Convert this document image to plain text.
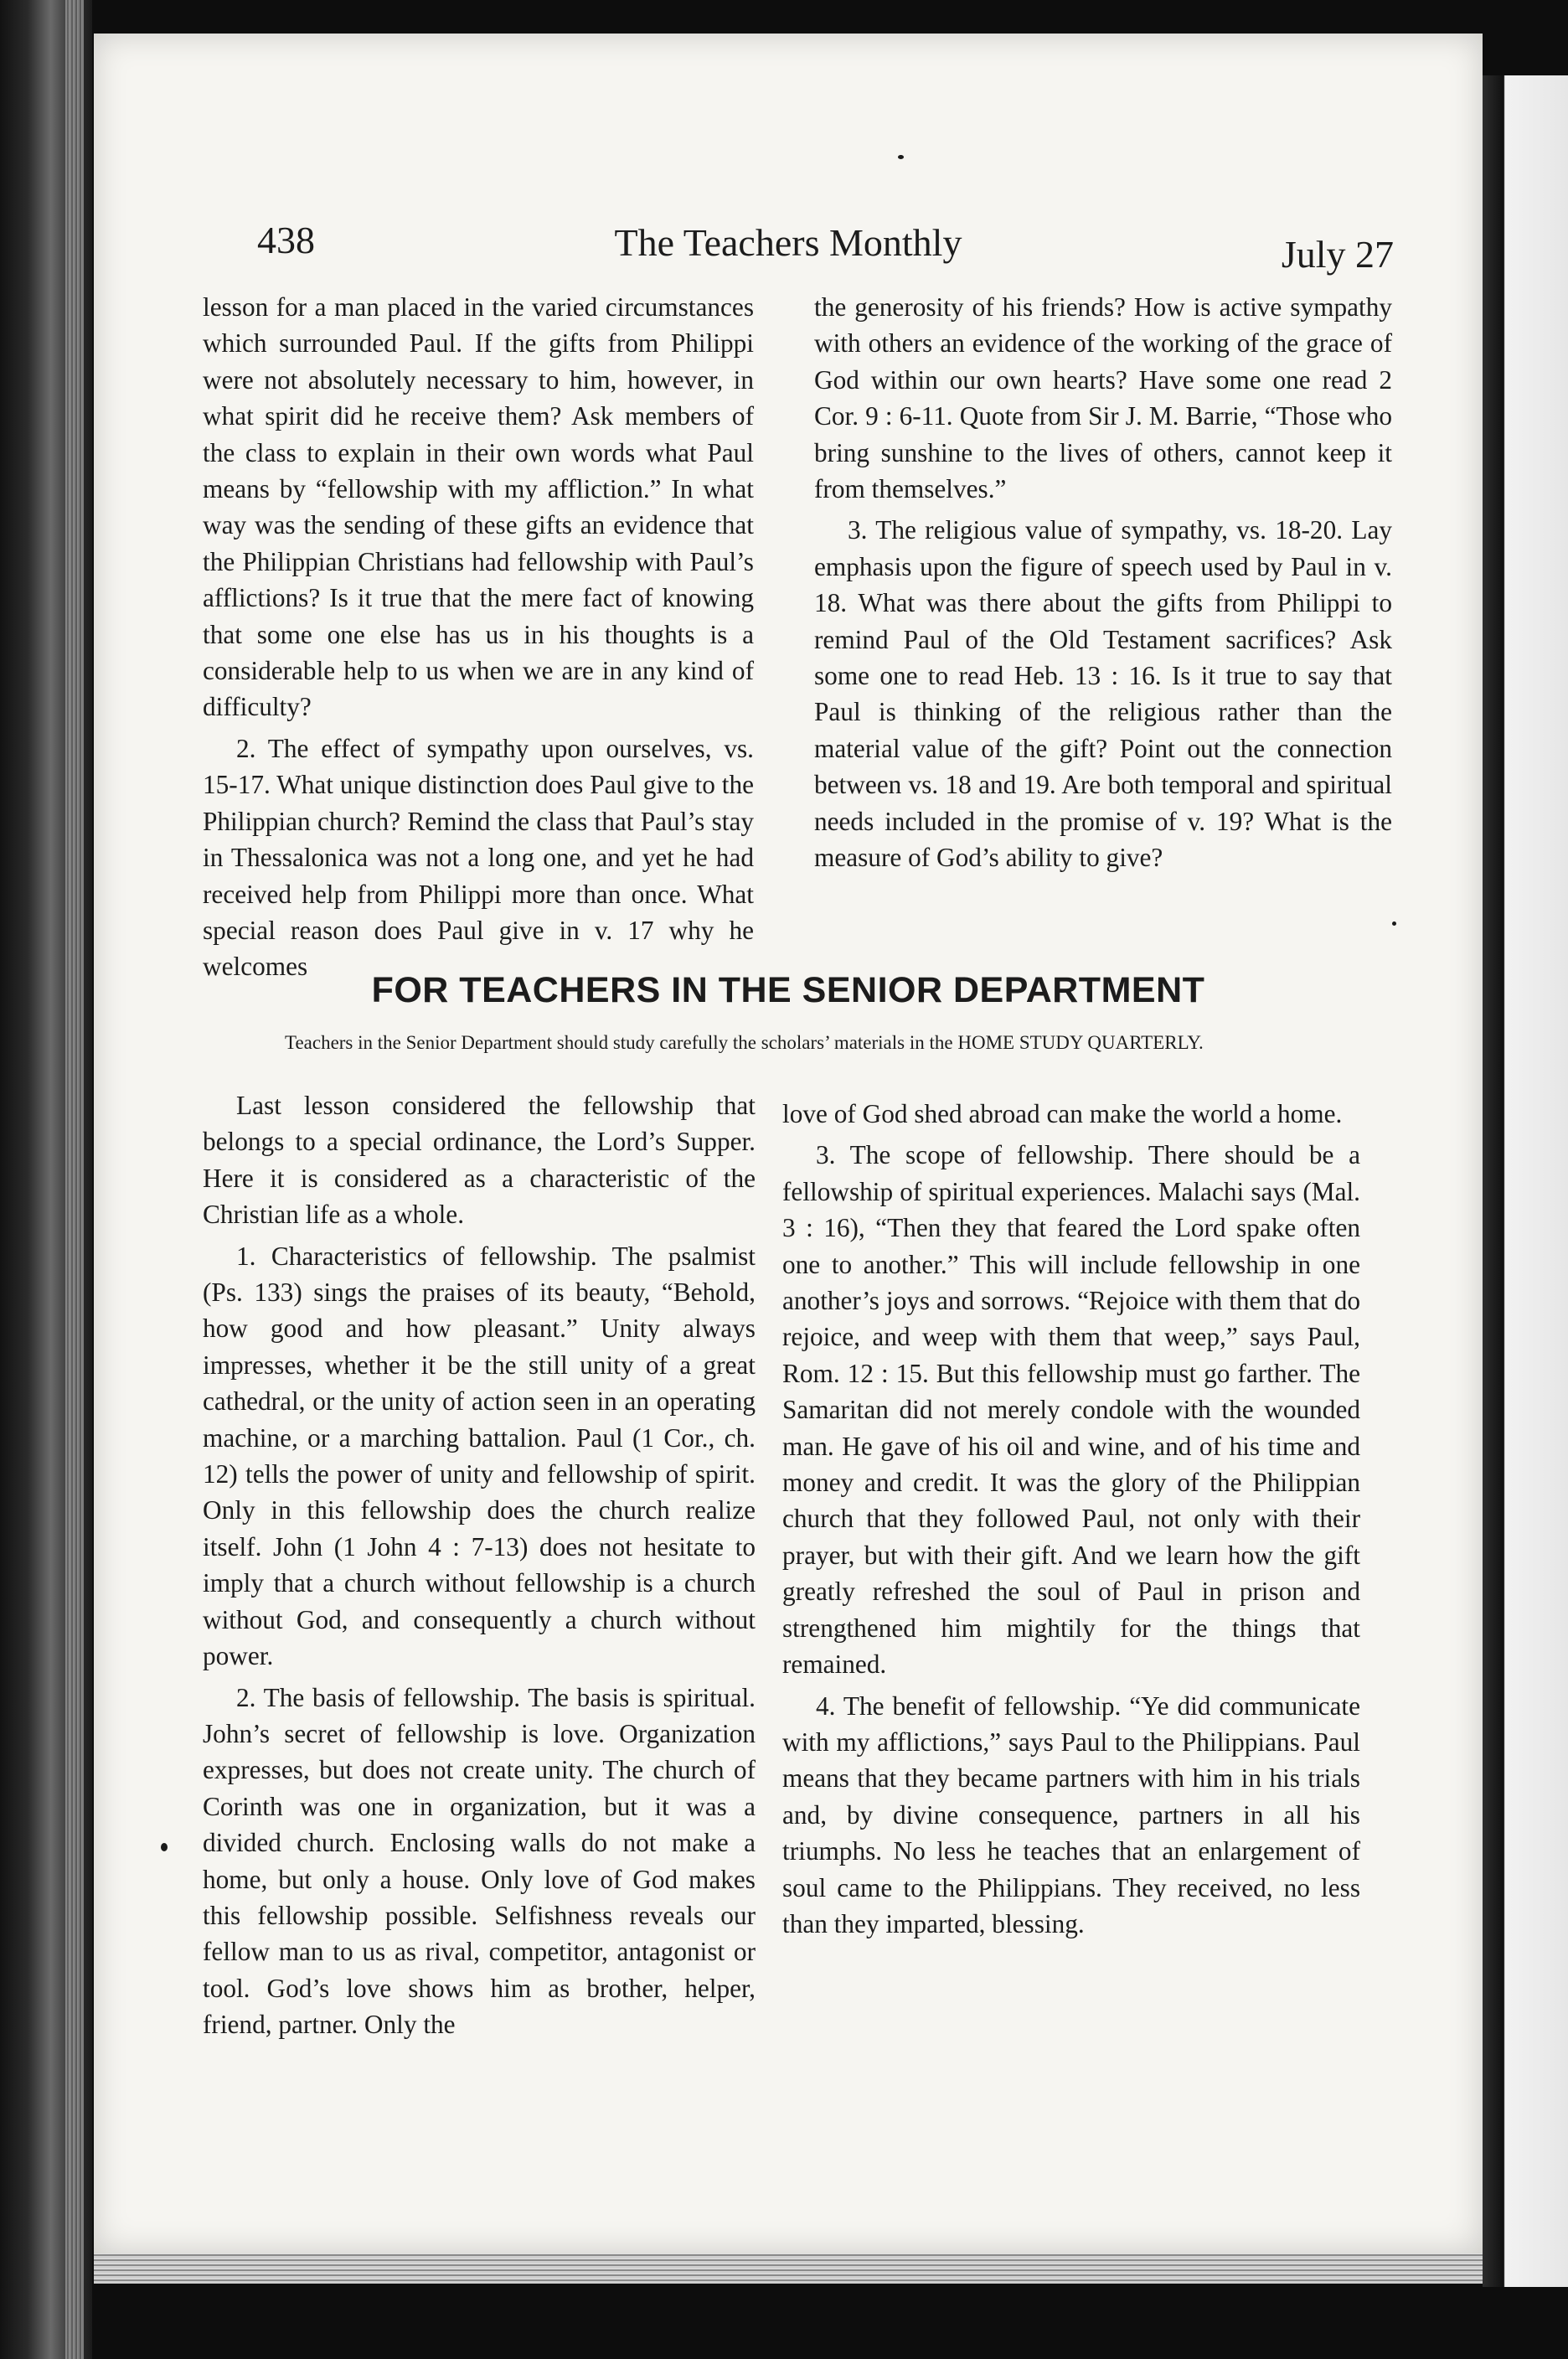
438	The Teachers Monthly	July 27

lesson for a man placed in the varied circumstances which surrounded Paul. If the gifts from Philippi were not absolutely necessary to him, however, in what spirit did he receive them? Ask members of the class to explain in their own words what Paul means by “fellowship with my affliction.” In what way was the sending of these gifts an evidence that the Philippian Christians had fellowship with Paul’s afflictions? Is it true that the mere fact of knowing that some one else has us in his thoughts is a considerable help to us when we are in any kind of difficulty?

2. The effect of sympathy upon ourselves, vs. 15-17. What unique distinction does Paul give to the Philippian church? Remind the class that Paul’s stay in Thessalonica was not a long one, and yet he had received help from Philippi more than once. What special reason does Paul give in v. 17 why he welcomes

the generosity of his friends? How is active sympathy with others an evidence of the working of the grace of God within our own hearts? Have some one read 2 Cor. 9 : 6-11. Quote from Sir J. M. Barrie, “Those who bring sunshine to the lives of others, cannot keep it from themselves.”

3. The religious value of sympathy, vs. 18-20. Lay emphasis upon the figure of speech used by Paul in v. 18. What was there about the gifts from Philippi to remind Paul of the Old Testament sacrifices? Ask some one to read Heb. 13 : 16. Is it true to say that Paul is thinking of the religious rather than the material value of the gift? Point out the connection between vs. 18 and 19. Are both temporal and spiritual needs included in the promise of v. 19? What is the measure of God’s ability to give?

FOR TEACHERS IN THE SENIOR DEPARTMENT
Teachers in the Senior Department should study carefully the scholars’ materials in the HOME STUDY QUARTERLY.

Last lesson considered the fellowship that belongs to a special ordinance, the Lord’s Supper. Here it is considered as a characteristic of the Christian life as a whole.

1. Characteristics of fellowship. The psalmist (Ps. 133) sings the praises of its beauty, “Behold, how good and how pleasant.” Unity always impresses, whether it be the still unity of a great cathedral, or the unity of action seen in an operating machine, or a marching battalion. Paul (1 Cor., ch. 12) tells the power of unity and fellowship of spirit. Only in this fellowship does the church realize itself. John (1 John 4 : 7-13) does not hesitate to imply that a church without fellowship is a church without God, and consequently a church without power.

2. The basis of fellowship. The basis is spiritual. John’s secret of fellowship is love. Organization expresses, but does not create unity. The church of Corinth was one in organization, but it was a divided church. Enclosing walls do not make a home, but only a house. Only love of God makes this fellowship possible. Selfishness reveals our fellow man to us as rival, competitor, antagonist or tool. God’s love shows him as brother, helper, friend, partner. Only the

love of God shed abroad can make the world a home.

3. The scope of fellowship. There should be a fellowship of spiritual experiences. Malachi says (Mal. 3 : 16), “Then they that feared the Lord spake often one to another.” This will include fellowship in one another’s joys and sorrows. “Rejoice with them that do rejoice, and weep with them that weep,” says Paul, Rom. 12 : 15. But this fellowship must go farther. The Samaritan did not merely condole with the wounded man. He gave of his oil and wine, and of his time and money and credit. It was the glory of the Philippian church that they followed Paul, not only with their prayer, but with their gift. And we learn how the gift greatly refreshed the soul of Paul in prison and strengthened him mightily for the things that remained.

4. The benefit of fellowship. “Ye did communicate with my afflictions,” says Paul to the Philippians. Paul means that they became partners with him in his trials and, by divine consequence, partners in all his triumphs. No less he teaches that an enlargement of soul came to the Philippians. They received, no less than they imparted, blessing.
